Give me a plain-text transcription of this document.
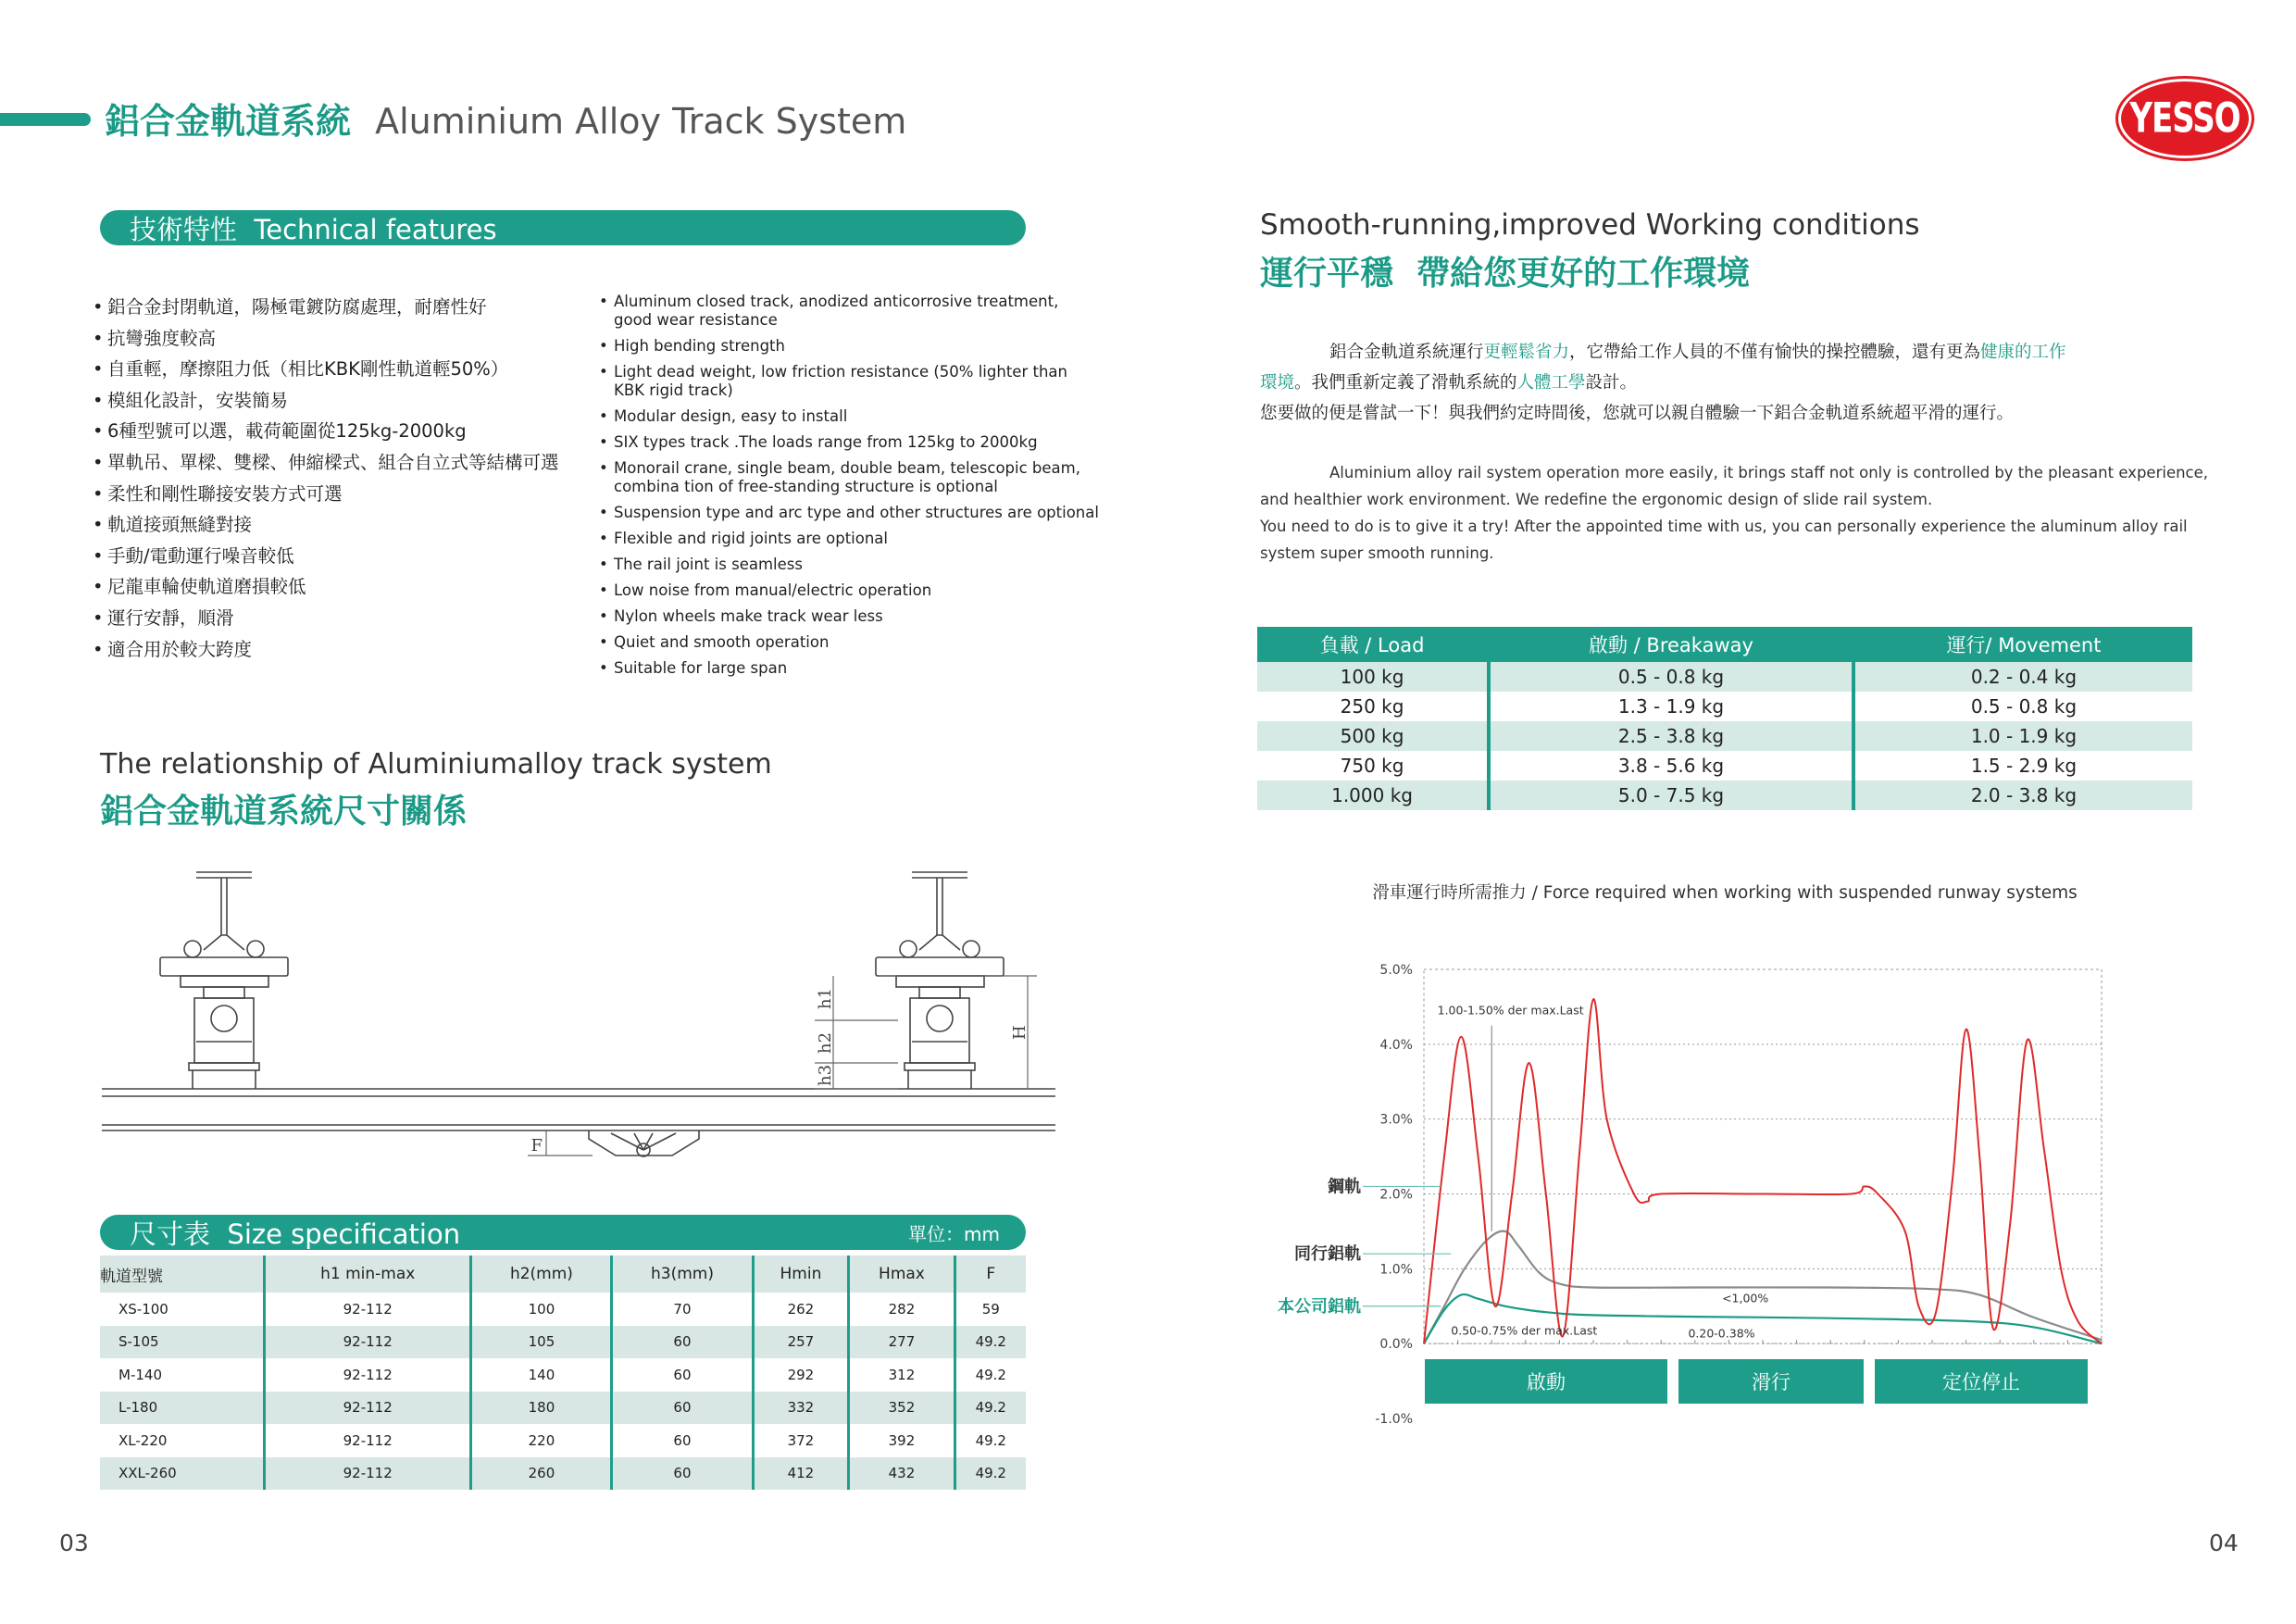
鋁合金軌道系統 Aluminium Alloy Track System	YESSO
技術特性  Technical features
• 鋁合金封閉軌道，陽極電鍍防腐處理，耐磨性好
• 抗彎強度較高
• 自重輕，摩擦阻力低（相比KBK剛性軌道輕50%）
• 模組化設計，安裝簡易
• 6種型號可以選，載荷範圍從125kg-2000kg
• 單軌吊、單樑、雙樑、伸縮樑式、組合自立式等結構可選
• 柔性和剛性聯接安裝方式可選
• 軌道接頭無縫對接
• 手動/電動運行噪音較低
• 尼龍車輪使軌道磨損較低
• 運行安靜，順滑
• 適合用於較大跨度
• Aluminum closed track, anodized anticorrosive treatment, good wear resistance
• High bending strength
• Light dead weight, low friction resistance (50% lighter than KBK rigid track)
• Modular design, easy to install
• SIX types track .The loads range from 125kg to 2000kg
• Monorail crane, single beam, double beam, telescopic beam, combina tion of free-standing structure is optional
• Suspension type and arc type and other structures are optional
• Flexible and rigid joints are optional
• The rail joint is seamless
• Low noise from manual/electric operation
• Nylon wheels make track wear less
• Quiet and smooth operation
• Suitable for large span
The relationship of Aluminiumalloy track system
鋁合金軌道系統尺寸關係
h1
h2
h3
H
F
尺寸表  Size specification	單位：mm
軌道型號	h1 min-max	h2(mm)	h3(mm)	Hmin	Hmax	F
XS-100	92-112	100	70	262	282	59
S-105	92-112	105	60	257	277	49.2
M-140	92-112	140	60	292	312	49.2
L-180	92-112	180	60	332	352	49.2
XL-220	92-112	220	60	372	392	49.2
XXL-260	92-112	260	60	412	432	49.2
Smooth-running,improved Working conditions
運行平穩  帶給您更好的工作環境
鋁合金軌道系統運行更輕鬆省力，它帶給工作人員的不僅有愉快的操控體驗，還有更為健康的工作
環境。我們重新定義了滑軌系統的人體工學設計。
您要做的便是嘗試一下！與我們約定時間後，您就可以親自體驗一下鋁合金軌道系統超平滑的運行。
Aluminium alloy rail system operation more easily, it brings staff not only is controlled by the pleasant experience,
and healthier work environment. We redefine the ergonomic design of slide rail system.
You need to do is to give it a try! After the appointed time with us, you can personally experience the aluminum alloy rail
system super smooth running.
負載 / Load	啟動 / Breakaway	運行/ Movement
100 kg	0.5 - 0.8 kg	0.2 - 0.4 kg
250 kg	1.3 - 1.9 kg	0.5 - 0.8 kg
500 kg	2.5 - 3.8 kg	1.0 - 1.9 kg
750 kg	3.8 - 5.6 kg	1.5 - 2.9 kg
1.000 kg	5.0 - 7.5 kg	2.0 - 3.8 kg
滑車運行時所需推力 / Force required when working with suspended runway systems
5.0%
4.0%
3.0%
2.0%
1.0%
0.0%
-1.0%
鋼軌
同行鋁軌
本公司鋁軌
1.00-1.50% der max.Last
<1,00%
0.50-0.75% der max.Last	0.20-0.38%
啟動	滑行	定位停止
03	04
